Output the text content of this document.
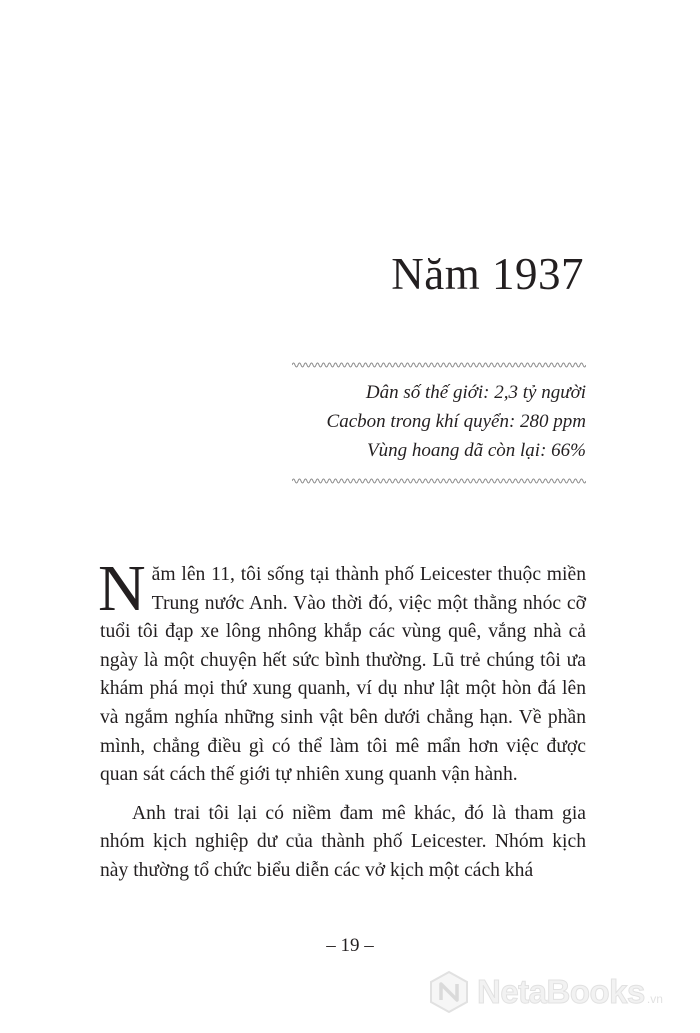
Năm 1937
Dân số thế giới: 2,3 tỷ người
Cacbon trong khí quyển: 280 ppm
Vùng hoang dã còn lại: 66%

Năm lên 11, tôi sống tại thành phố Leicester thuộc miền Trung nước Anh. Vào thời đó, việc một thằng nhóc cỡ tuổi tôi đạp xe lông nhông khắp các vùng quê, vắng nhà cả ngày là một chuyện hết sức bình thường. Lũ trẻ chúng tôi ưa khám phá mọi thứ xung quanh, ví dụ như lật một hòn đá lên và ngắm nghía những sinh vật bên dưới chẳng hạn. Về phần mình, chẳng điều gì có thể làm tôi mê mẩn hơn việc được quan sát cách thế giới tự nhiên xung quanh vận hành.

Anh trai tôi lại có niềm đam mê khác, đó là tham gia nhóm kịch nghiệp dư của thành phố Leicester. Nhóm kịch này thường tổ chức biểu diễn các vở kịch một cách khá

– 19 –
NetaBooks .vn
